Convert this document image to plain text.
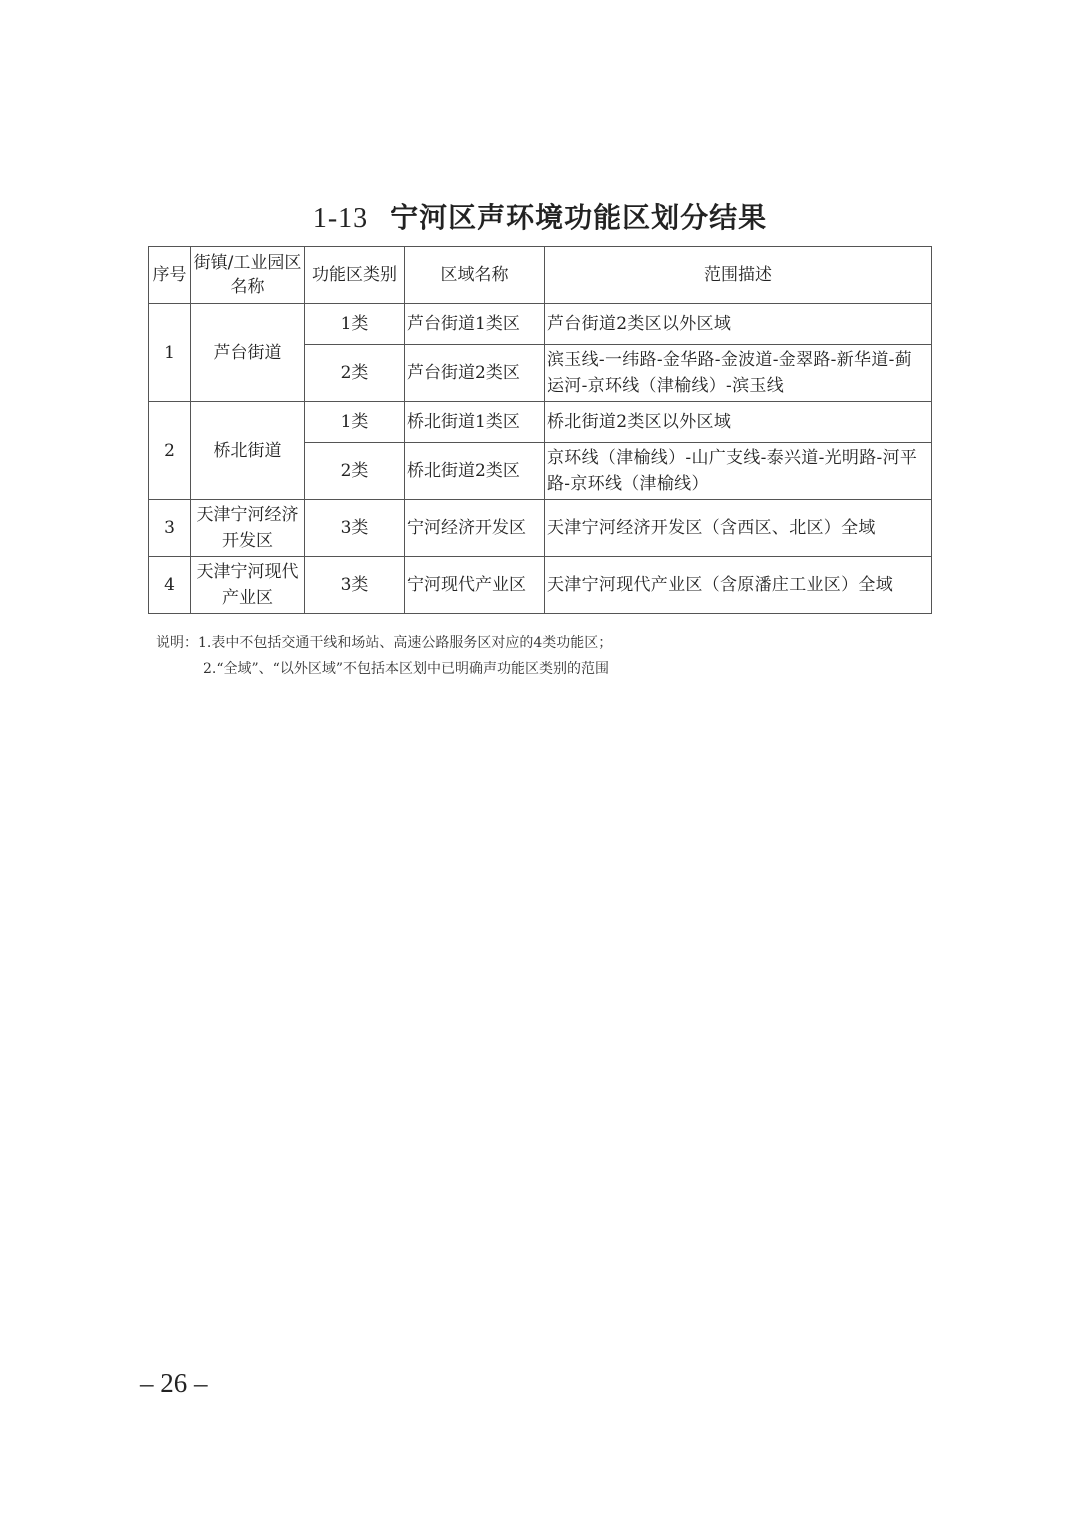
1-13 宁河区声环境功能区划分结果
序号	街镇/工业园区名称	功能区类别	区域名称	范围描述
1	芦台街道	1类	芦台街道1类区	芦台街道2类区以外区域
		2类	芦台街道2类区	滨玉线-一纬路-金华路-金波道-金翠路-新华道-蓟运河-京环线（津榆线）-滨玉线
2	桥北街道	1类	桥北街道1类区	桥北街道2类区以外区域
		2类	桥北街道2类区	京环线（津榆线）-山广支线-泰兴道-光明路-河平路-京环线（津榆线）
3	天津宁河经济开发区	3类	宁河经济开发区	天津宁河经济开发区（含西区、北区）全域
4	天津宁河现代产业区	3类	宁河现代产业区	天津宁河现代产业区（含原潘庄工业区）全域
说明：1.表中不包括交通干线和场站、高速公路服务区对应的4类功能区；
2.“全域”、“以外区域”不包括本区划中已明确声功能区类别的范围
– 26 –
